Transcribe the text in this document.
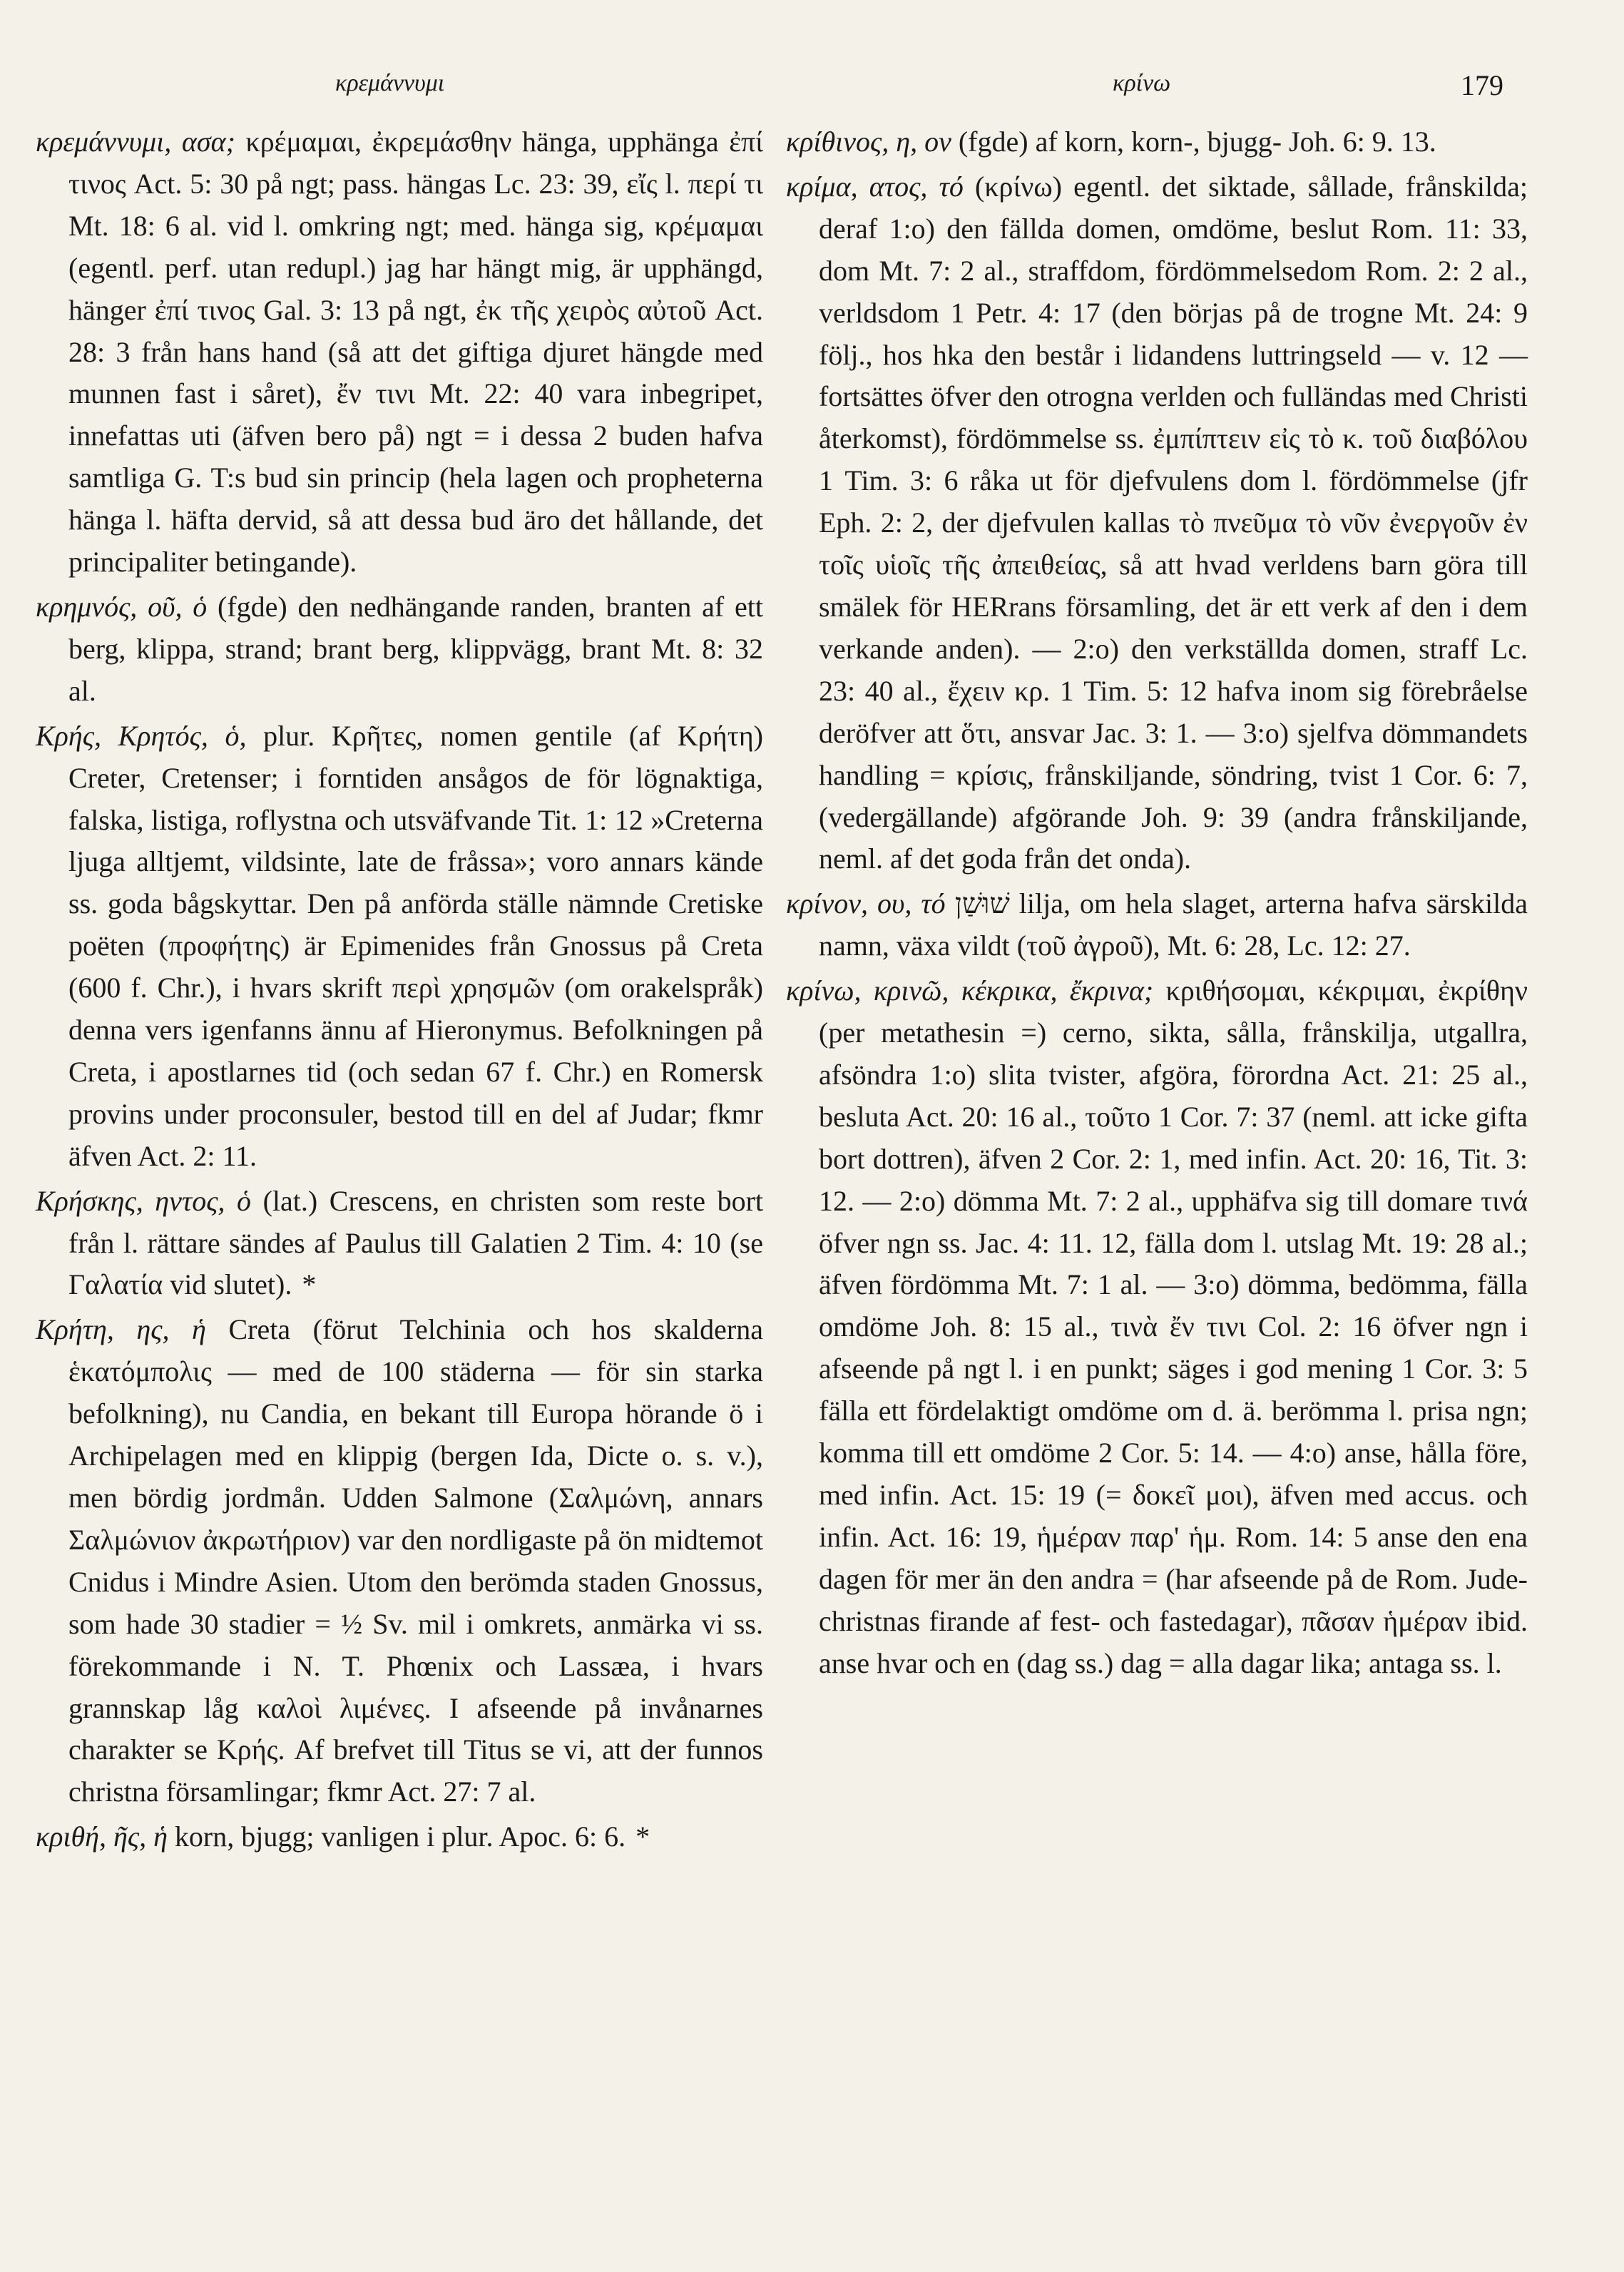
κρεμάννυμι	κρίνω	179

κρεμάννυμι, ασα; κρέμαμαι, ἐκρεμάσθην hänga, upphänga ἐπί τινος Act. 5: 30 på ngt; pass. hängas Lc. 23: 39, εἴς l. περί τι Mt. 18: 6 al. vid l. omkring ngt; med. hänga sig, κρέμαμαι (egentl. perf. utan redupl.) jag har hängt mig, är upphängd, hänger ἐπί τινος Gal. 3: 13 på ngt, ἐκ τῆς χειρὸς αὐτοῦ Act. 28: 3 från hans hand (så att det giftiga djuret hängde med munnen fast i såret), ἔν τινι Mt. 22: 40 vara inbegripet, innefattas uti (äfven bero på) ngt = i dessa 2 buden hafva samtliga G. T:s bud sin princip (hela lagen och propheterna hänga l. häfta dervid, så att dessa bud äro det hållande, det principaliter betingande).

κρημνός, οῦ, ὁ (fgde) den nedhängande randen, branten af ett berg, klippa, strand; brant berg, klippvägg, brant Mt. 8: 32 al.

Κρής, Κρητός, ὁ, plur. Κρῆτες, nomen gentile (af Κρήτη) Creter, Cretenser; i forntiden ansågos de för lögnaktiga, falska, listiga, roflystna och utsväfvande Tit. 1: 12 »Creterna ljuga alltjemt, vildsinte, late de fråssa»; voro annars kände ss. goda bågskyttar. Den på anförda ställe nämnde Cretiske poëten (προφήτης) är Epimenides från Gnossus på Creta (600 f. Chr.), i hvars skrift περὶ χρησμῶν (om orakelspråk) denna vers igenfanns ännu af Hieronymus. Befolkningen på Creta, i apostlarnes tid (och sedan 67 f. Chr.) en Romersk provins under proconsuler, bestod till en del af Judar; fkmr äfven Act. 2: 11.

Κρήσκης, ηντος, ὁ (lat.) Crescens, en christen som reste bort från l. rättare sändes af Paulus till Galatien 2 Tim. 4: 10 (se Γαλατία vid slutet). *

Κρήτη, ης, ἡ Creta (förut Telchinia och hos skalderna ἑκατόμπολις — med de 100 städerna — för sin starka befolkning), nu Candia, en bekant till Europa hörande ö i Archipelagen med en klippig (bergen Ida, Dicte o. s. v.), men bördig jordmån. Udden Salmone (Σαλμώνη, annars Σαλμώνιον ἀκρωτήριον) var den nordligaste på ön midtemot Cnidus i Mindre Asien. Utom den berömda staden Gnossus, som hade 30 stadier = ½ Sv. mil i omkrets, anmärka vi ss. förekommande i N. T. Phœnix och Lassæa, i hvars grannskap låg καλοὶ λιμένες. I afseende på invånarnes charakter se Κρής. Af brefvet till Titus se vi, att der funnos christna församlingar; fkmr Act. 27: 7 al.

κριθή, ῆς, ἡ korn, bjugg; vanligen i plur. Apoc. 6: 6. *

κρίθινος, η, ον (fgde) af korn, korn-, bjugg- Joh. 6: 9. 13.

κρίμα, ατος, τό (κρίνω) egentl. det siktade, sållade, frånskilda; deraf 1:o) den fällda domen, omdöme, beslut Rom. 11: 33, dom Mt. 7: 2 al., straffdom, fördömmelsedom Rom. 2: 2 al., verldsdom 1 Petr. 4: 17 (den börjas på de trogne Mt. 24: 9 följ., hos hka den består i lidandens luttringseld — v. 12 — fortsättes öfver den otrogna verlden och fulländas med Christi återkomst), fördömmelse ss. ἐμπίπτειν εἰς τὸ κ. τοῦ διαβόλου 1 Tim. 3: 6 råka ut för djefvulens dom l. fördömmelse (jfr Eph. 2: 2, der djefvulen kallas τὸ πνεῦμα τὸ νῦν ἐνεργοῦν ἐν τοῖς υἱοῖς τῆς ἀπειθείας, så att hvad verldens barn göra till smälek för HERrans församling, det är ett verk af den i dem verkande anden). — 2:o) den verkställda domen, straff Lc. 23: 40 al., ἔχειν κρ. 1 Tim. 5: 12 hafva inom sig förebråelse deröfver att ὅτι, ansvar Jac. 3: 1. — 3:o) sjelfva dömmandets handling = κρίσις, frånskiljande, söndring, tvist 1 Cor. 6: 7, (vedergällande) afgörande Joh. 9: 39 (andra frånskiljande, neml. af det goda från det onda).

κρίνον, ου, τό שׁוּשַׁן lilja, om hela slaget, arterna hafva särskilda namn, växa vildt (τοῦ ἀγροῦ), Mt. 6: 28, Lc. 12: 27.

κρίνω, κρινῶ, κέκρικα, ἔκρινα; κριθήσομαι, κέκριμαι, ἐκρίθην (per metathesin =) cerno, sikta, sålla, frånskilja, utgallra, afsöndra 1:o) slita tvister, afgöra, förordna Act. 21: 25 al., besluta Act. 20: 16 al., τοῦτο 1 Cor. 7: 37 (neml. att icke gifta bort dottren), äfven 2 Cor. 2: 1, med infin. Act. 20: 16, Tit. 3: 12. — 2:o) dömma Mt. 7: 2 al., upphäfva sig till domare τινά öfver ngn ss. Jac. 4: 11. 12, fälla dom l. utslag Mt. 19: 28 al.; äfven fördömma Mt. 7: 1 al. — 3:o) dömma, bedömma, fälla omdöme Joh. 8: 15 al., τινὰ ἔν τινι Col. 2: 16 öfver ngn i afseende på ngt l. i en punkt; säges i god mening 1 Cor. 3: 5 fälla ett fördelaktigt omdöme om d. ä. berömma l. prisa ngn; komma till ett omdöme 2 Cor. 5: 14. — 4:o) anse, hålla före, med infin. Act. 15: 19 (= δοκεῖ μοι), äfven med accus. och infin. Act. 16: 19, ἡμέραν παρ' ἡμ. Rom. 14: 5 anse den ena dagen för mer än den andra = (har afseende på de Rom. Jude-christnas firande af fest- och fastedagar), πᾶσαν ἡμέραν ibid. anse hvar och en (dag ss.) dag = alla dagar lika; antaga ss. l.
